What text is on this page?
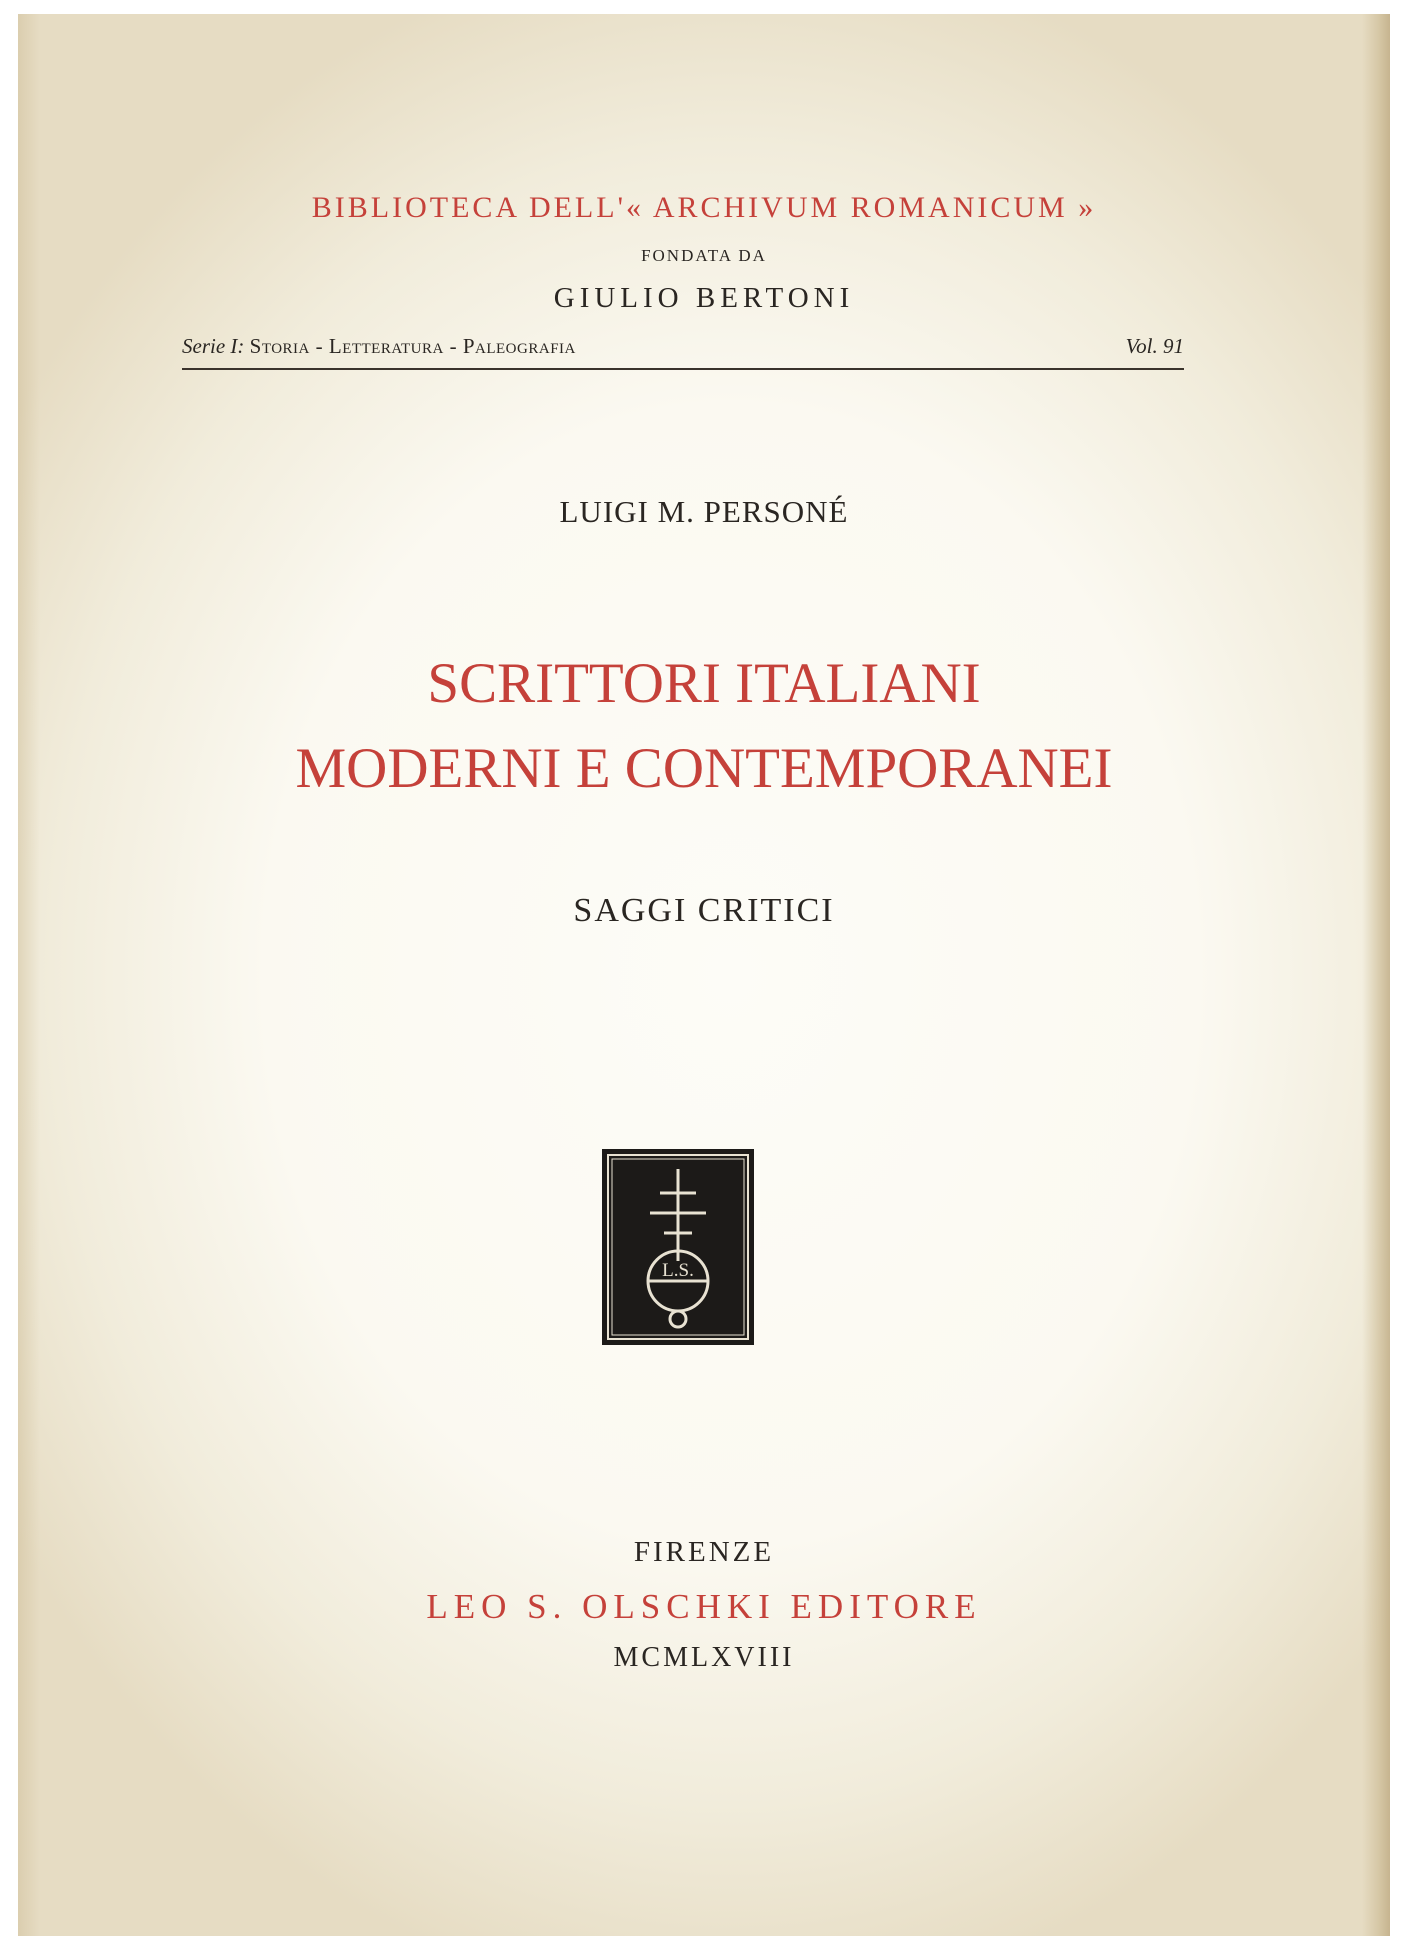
BIBLIOTECA DELL'« ARCHIVUM ROMANICUM »
FONDATA DA
GIULIO BERTONI
Serie I: Storia - Letteratura - Paleografia	Vol. 91
LUIGI M. PERSONÉ
SCRITTORI ITALIANI
MODERNI E CONTEMPORANEI
SAGGI CRITICI
L.S.
FIRENZE
LEO S. OLSCHKI EDITORE
MCMLXVIII
